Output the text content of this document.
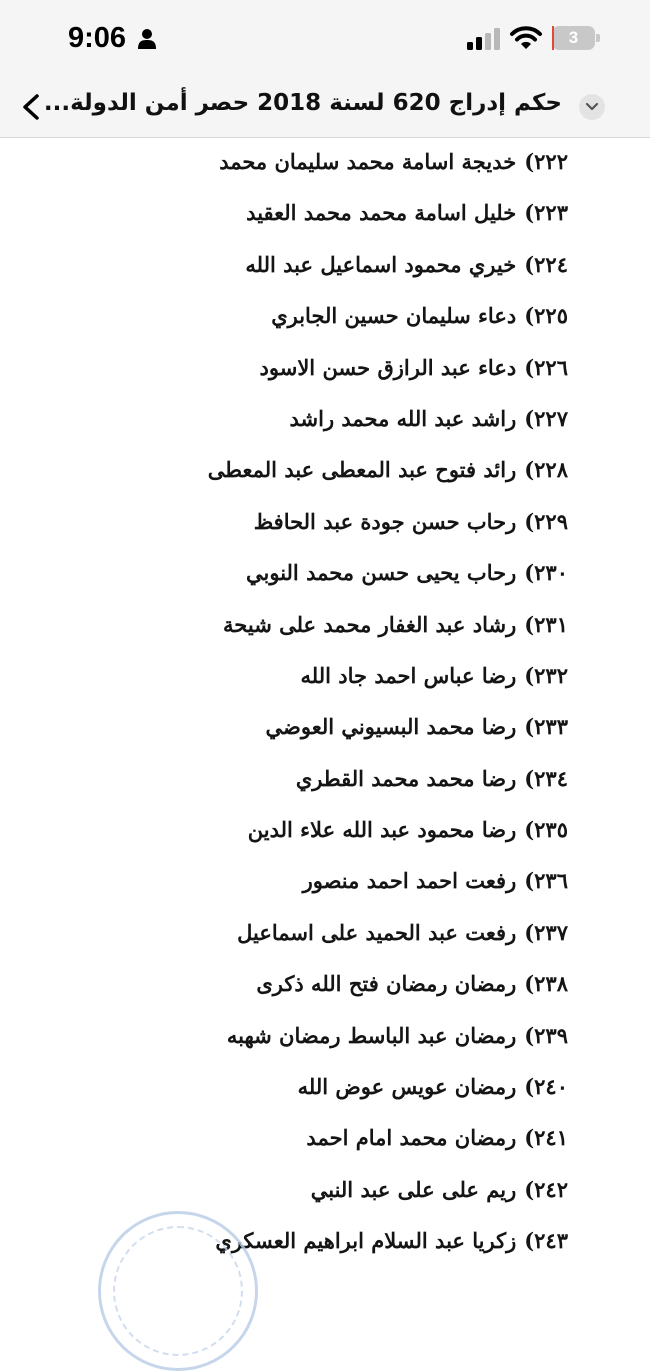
9:06	3
حكم إدراج 620 لسنة 2018 حصر أمن الدولة...
٢٢٢)خديجة اسامة محمد سليمان محمد
٢٢٣)خليل اسامة محمد محمد العقيد
٢٢٤)خيري محمود اسماعيل عبد الله
٢٢٥)دعاء سليمان حسين الجابري
٢٢٦)دعاء عبد الرازق حسن الاسود
٢٢٧)راشد عبد الله محمد راشد
٢٢٨)رائد فتوح عبد المعطى عبد المعطى
٢٢٩)رحاب حسن جودة عبد الحافظ
٢٣٠)رحاب يحيى حسن محمد النوبي
٢٣١)رشاد عبد الغفار محمد على شيحة
٢٣٢)رضا عباس احمد جاد الله
٢٣٣)رضا محمد البسيوني العوضي
٢٣٤)رضا محمد محمد القطري
٢٣٥)رضا محمود عبد الله علاء الدين
٢٣٦)رفعت احمد احمد منصور
٢٣٧)رفعت عبد الحميد على اسماعيل
٢٣٨)رمضان رمضان فتح الله ذكرى
٢٣٩)رمضان عبد الباسط رمضان شهبه
٢٤٠)رمضان عويس عوض الله
٢٤١)رمضان محمد امام احمد
٢٤٢)ريم على على عبد النبي
٢٤٣)زكريا عبد السلام ابراهيم العسكري
